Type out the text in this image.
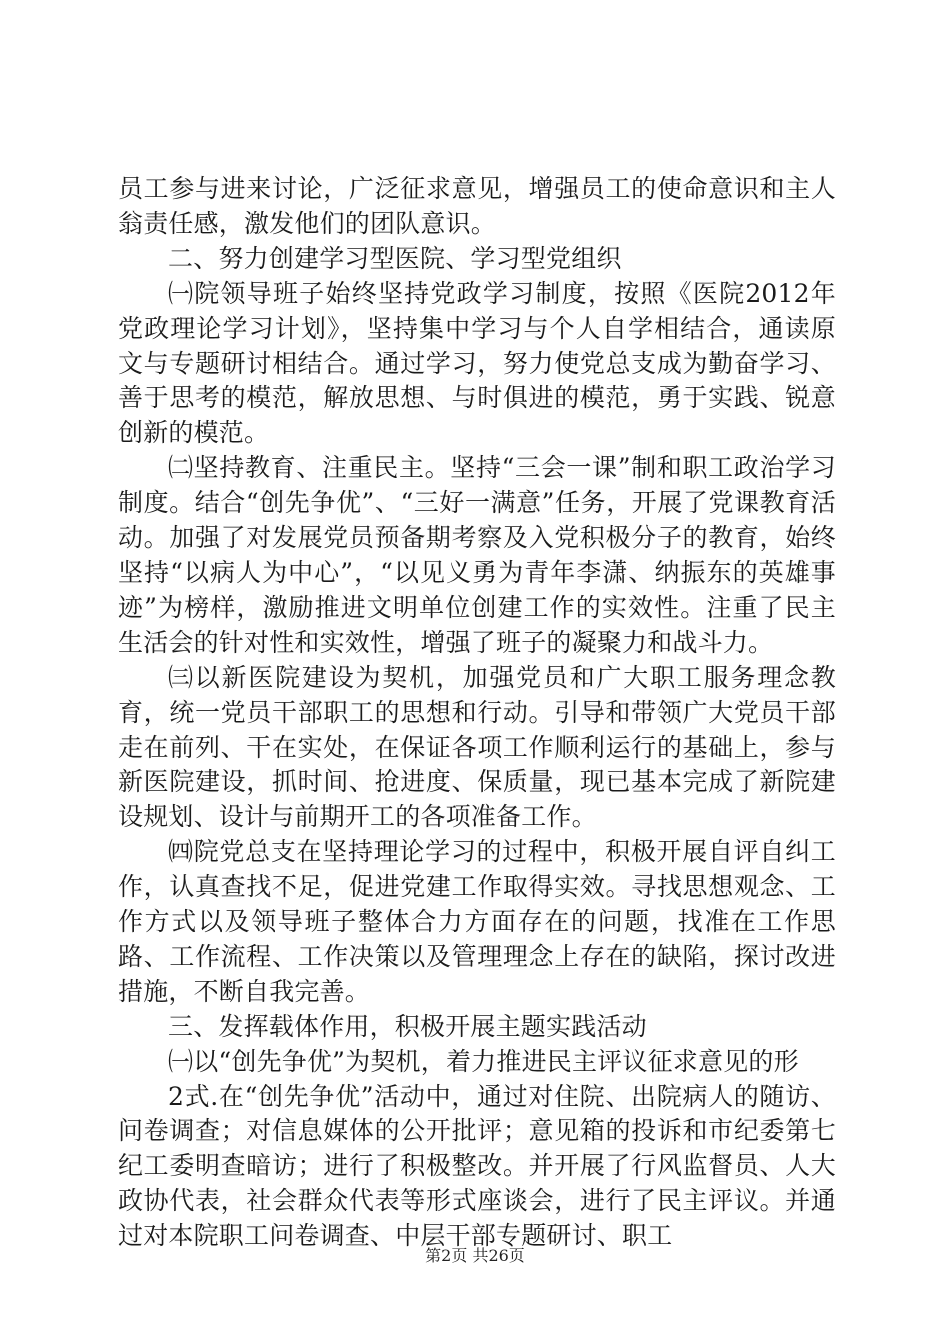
员工参与进来讨论，广泛征求意见，增强员工的使命意识和主人翁责任感，激发他们的团队意识。

二、努力创建学习型医院、学习型党组织

㈠院领导班子始终坚持党政学习制度，按照《医院2012年党政理论学习计划》，坚持集中学习与个人自学相结合，通读原文与专题研讨相结合。通过学习，努力使党总支成为勤奋学习、善于思考的模范，解放思想、与时俱进的模范，勇于实践、锐意创新的模范。

㈡坚持教育、注重民主。坚持“三会一课”制和职工政治学习制度。结合“创先争优”、“三好一满意”任务，开展了党课教育活动。加强了对发展党员预备期考察及入党积极分子的教育，始终坚持“以病人为中心”，“以见义勇为青年李潇、纳振东的英雄事迹”为榜样，激励推进文明单位创建工作的实效性。注重了民主生活会的针对性和实效性，增强了班子的凝聚力和战斗力。

㈢以新医院建设为契机，加强党员和广大职工服务理念教育，统一党员干部职工的思想和行动。引导和带领广大党员干部走在前列、干在实处，在保证各项工作顺利运行的基础上，参与新医院建设，抓时间、抢进度、保质量，现已基本完成了新院建设规划、设计与前期开工的各项准备工作。

㈣院党总支在坚持理论学习的过程中，积极开展自评自纠工作，认真查找不足，促进党建工作取得实效。寻找思想观念、工作方式以及领导班子整体合力方面存在的问题，找准在工作思路、工作流程、工作决策以及管理理念上存在的缺陷，探讨改进措施，不断自我完善。

三、发挥载体作用，积极开展主题实践活动

㈠以“创先争优”为契机，着力推进民主评议征求意见的形

2式.在“创先争优”活动中，通过对住院、出院病人的随访、问卷调查；对信息媒体的公开批评；意见箱的投诉和市纪委第七纪工委明查暗访；进行了积极整改。并开展了行风监督员、人大政协代表，社会群众代表等形式座谈会，进行了民主评议。并通过对本院职工问卷调查、中层干部专题研讨、职工

第2页 共26页
